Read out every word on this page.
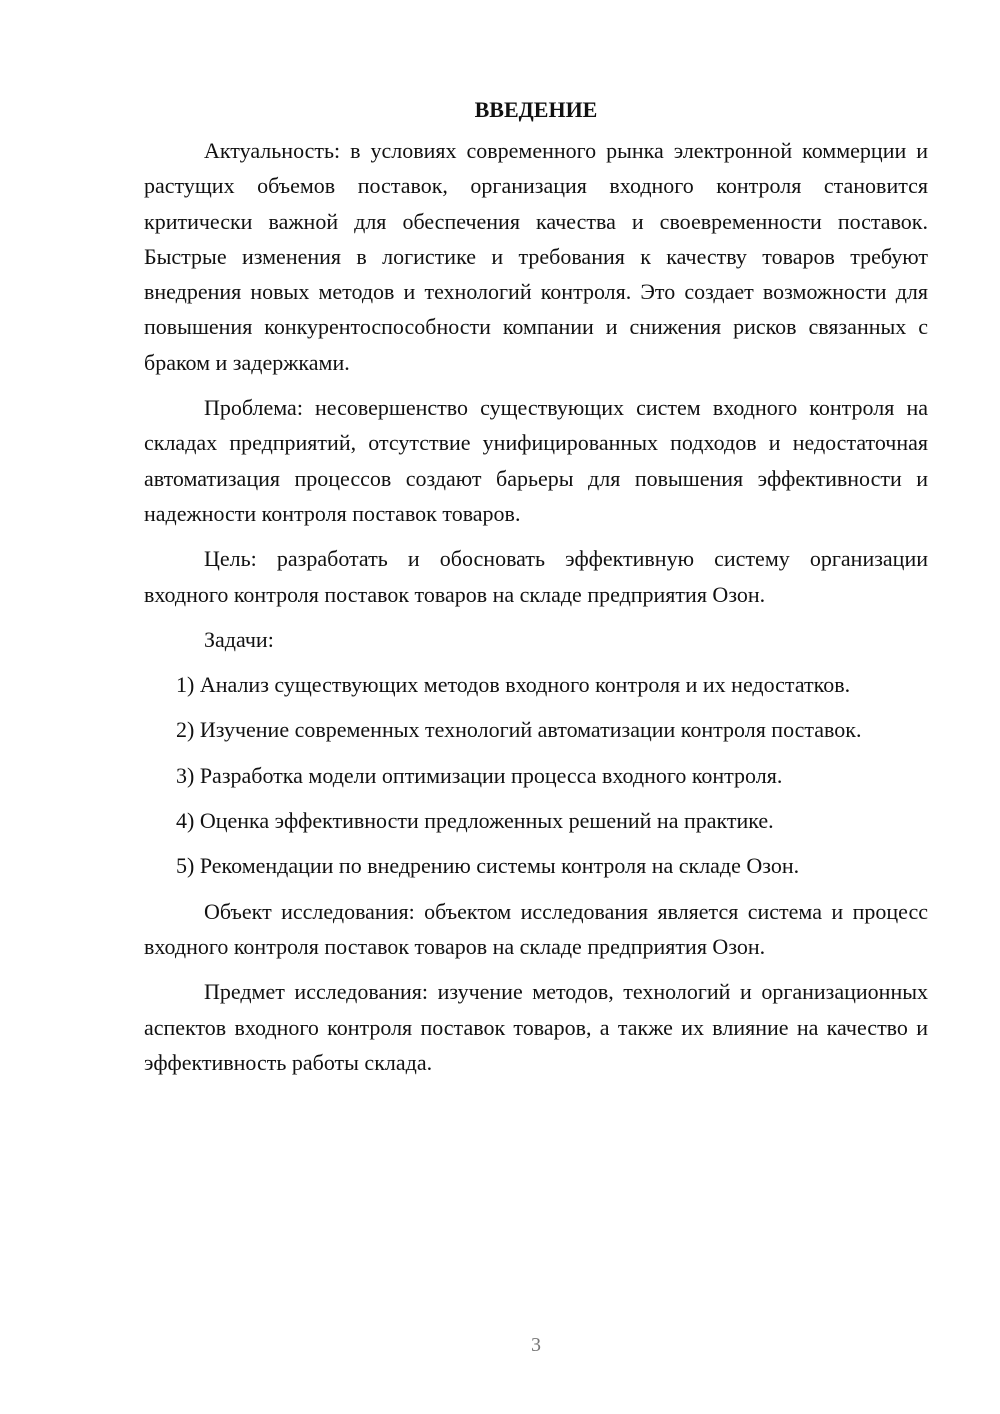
ВВЕДЕНИЕ

Актуальность: в условиях современного рынка электронной коммерции и растущих объемов поставок, организация входного контроля становится критически важной для обеспечения качества и своевременности поставок. Быстрые изменения в логистике и требования к качеству товаров требуют внедрения новых методов и технологий контроля. Это создает возможности для повышения конкурентоспособности компании и снижения рисков связанных с браком и задержками.

Проблема: несовершенство существующих систем входного контроля на складах предприятий, отсутствие унифицированных подходов и недостаточная автоматизация процессов создают барьеры для повышения эффективности и надежности контроля поставок товаров.

Цель: разработать и обосновать эффективную систему организации входного контроля поставок товаров на складе предприятия Озон.

Задачи:

1) Анализ существующих методов входного контроля и их недостатков.

2) Изучение современных технологий автоматизации контроля поставок.

3) Разработка модели оптимизации процесса входного контроля.

4) Оценка эффективности предложенных решений на практике.

5) Рекомендации по внедрению системы контроля на складе Озон.

Объект исследования: объектом исследования является система и процесс входного контроля поставок товаров на складе предприятия Озон.

Предмет исследования: изучение методов, технологий и организационных аспектов входного контроля поставок товаров, а также их влияние на качество и эффективность работы склада.

3
